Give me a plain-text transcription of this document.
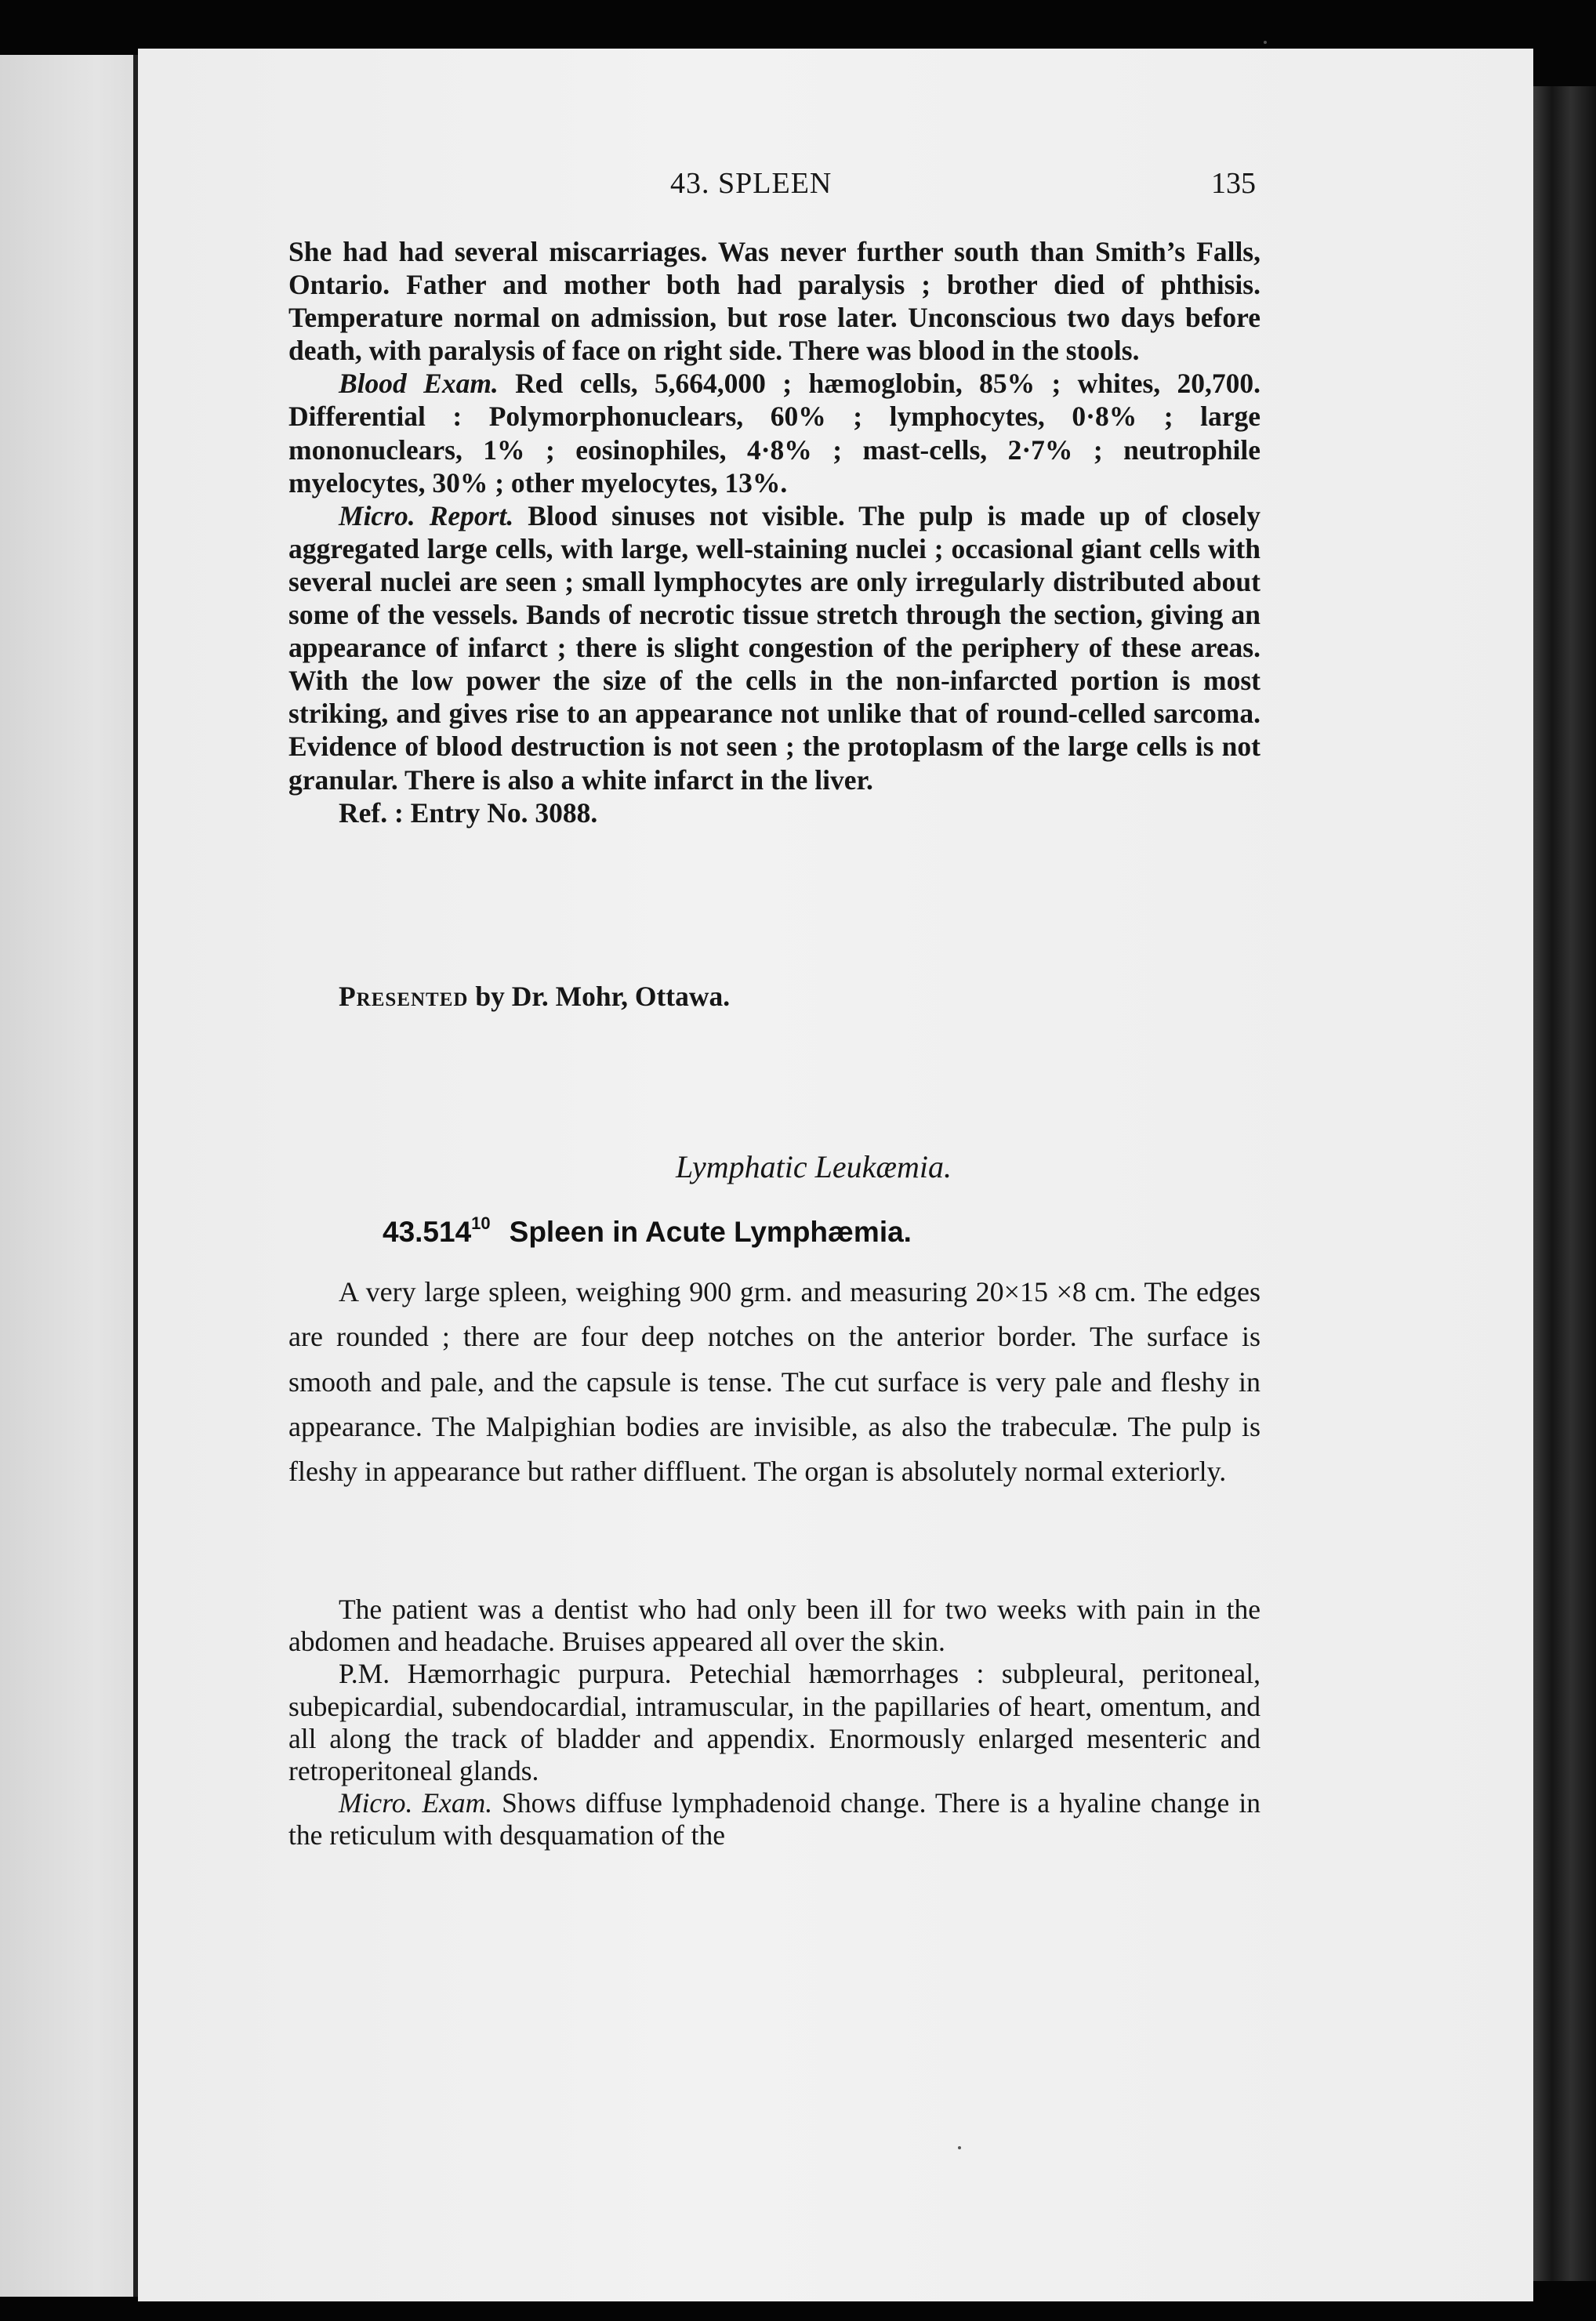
43. SPLEEN	135

She had had several miscarriages. Was never further south than Smith’s Falls, Ontario. Father and mother both had paralysis ; brother died of phthisis. Temperature normal on admission, but rose later. Unconscious two days before death, with paralysis of face on right side. There was blood in the stools.

Blood Exam. Red cells, 5,664,000 ; hæmoglobin, 85% ; whites, 20,700. Differential : Polymorphonuclears, 60% ; lymphocytes, 0·8% ; large mononuclears, 1% ; eosinophiles, 4·8% ; mast-cells, 2·7% ; neutrophile myelocytes, 30% ; other myelocytes, 13%.

Micro. Report. Blood sinuses not visible. The pulp is made up of closely aggregated large cells, with large, well-staining nuclei ; occasional giant cells with several nuclei are seen ; small lymphocytes are only irregularly distributed about some of the vessels. Bands of necrotic tissue stretch through the section, giving an appearance of infarct ; there is slight congestion of the periphery of these areas. With the low power the size of the cells in the non-infarcted portion is most striking, and gives rise to an appearance not unlike that of round-celled sarcoma. Evidence of blood destruction is not seen ; the protoplasm of the large cells is not granular. There is also a white infarct in the liver.

Ref. : Entry No. 3088.

Presented by Dr. Mohr, Ottawa.
Lymphatic Leukæmia.
43.514$^{10}$ Spleen in Acute Lymphæmia.

A very large spleen, weighing 900 grm. and measuring 20×15 ×8 cm. The edges are rounded ; there are four deep notches on the anterior border. The surface is smooth and pale, and the capsule is tense. The cut surface is very pale and fleshy in appearance. The Malpighian bodies are invisible, as also the trabeculæ. The pulp is fleshy in appearance but rather diffluent. The organ is absolutely normal exteriorly.

The patient was a dentist who had only been ill for two weeks with pain in the abdomen and headache. Bruises appeared all over the skin.

P.M. Hæmorrhagic purpura. Petechial hæmorrhages : subpleural, peritoneal, subepicardial, subendocardial, intramuscular, in the papillaries of heart, omentum, and all along the track of bladder and appendix. Enormously enlarged mesenteric and retroperitoneal glands.

Micro. Exam. Shows diffuse lymphadenoid change. There is a hyaline change in the reticulum with desquamation of the
